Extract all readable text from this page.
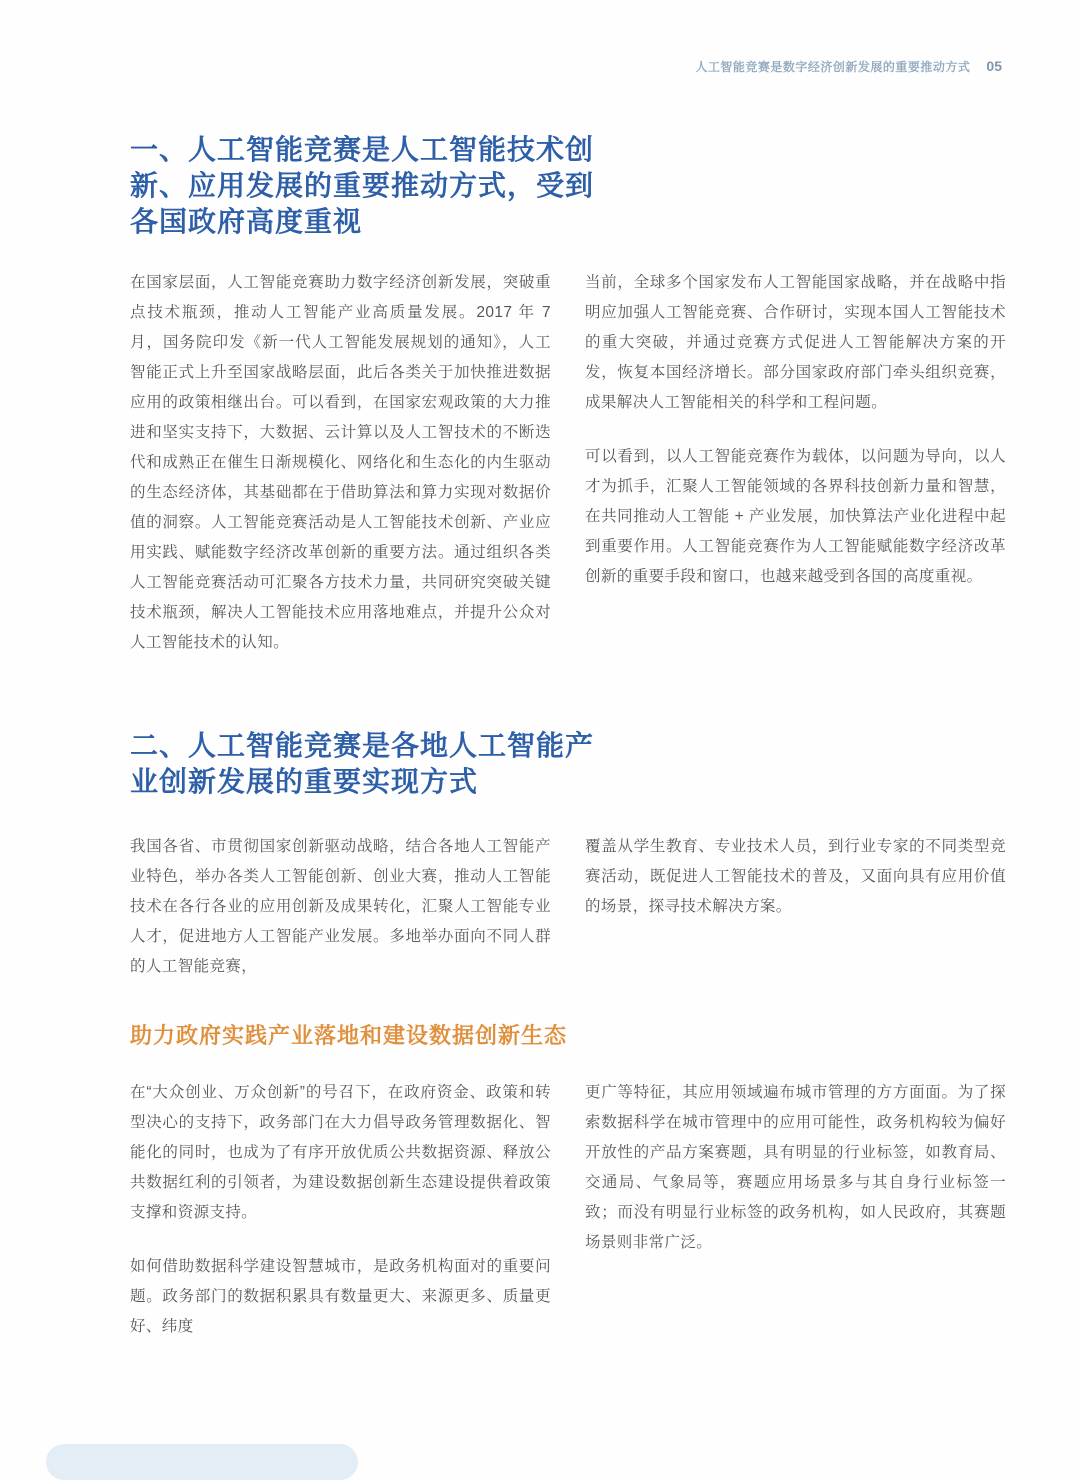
人工智能竞赛是数字经济创新发展的重要推动方式 05
一、人工智能竞赛是人工智能技术创新、应用发展的重要推动方式，受到各国政府高度重视

在国家层面，人工智能竞赛助力数字经济创新发展，突破重点技术瓶颈，推动人工智能产业高质量发展。2017 年 7 月，国务院印发《新一代人工智能发展规划的通知》，人工智能正式上升至国家战略层面，此后各类关于加快推进数据应用的政策相继出台。可以看到，在国家宏观政策的大力推进和坚实支持下，大数据、云计算以及人工智技术的不断迭代和成熟正在催生日渐规模化、网络化和生态化的内生驱动的生态经济体，其基础都在于借助算法和算力实现对数据价值的洞察。人工智能竞赛活动是人工智能技术创新、产业应用实践、赋能数字经济改革创新的重要方法。通过组织各类人工智能竞赛活动可汇聚各方技术力量，共同研究突破关键技术瓶颈，解决人工智能技术应用落地难点，并提升公众对人工智能技术的认知。

当前，全球多个国家发布人工智能国家战略，并在战略中指明应加强人工智能竞赛、合作研讨，实现本国人工智能技术的重大突破，并通过竞赛方式促进人工智能解决方案的开发，恢复本国经济增长。部分国家政府部门牵头组织竞赛，成果解决人工智能相关的科学和工程问题。

可以看到，以人工智能竞赛作为载体，以问题为导向，以人才为抓手，汇聚人工智能领域的各界科技创新力量和智慧，在共同推动人工智能 + 产业发展，加快算法产业化进程中起到重要作用。人工智能竞赛作为人工智能赋能数字经济改革创新的重要手段和窗口，也越来越受到各国的高度重视。

二、人工智能竞赛是各地人工智能产业创新发展的重要实现方式

我国各省、市贯彻国家创新驱动战略，结合各地人工智能产业特色，举办各类人工智能创新、创业大赛，推动人工智能技术在各行各业的应用创新及成果转化，汇聚人工智能专业人才，促进地方人工智能产业发展。多地举办面向不同人群的人工智能竞赛，

覆盖从学生教育、专业技术人员，到行业专家的不同类型竞赛活动，既促进人工智能技术的普及，又面向具有应用价值的场景，探寻技术解决方案。

助力政府实践产业落地和建设数据创新生态

在“大众创业、万众创新”的号召下，在政府资金、政策和转型决心的支持下，政务部门在大力倡导政务管理数据化、智能化的同时，也成为了有序开放优质公共数据资源、释放公共数据红利的引领者，为建设数据创新生态建设提供着政策支撑和资源支持。

如何借助数据科学建设智慧城市，是政务机构面对的重要问题。政务部门的数据积累具有数量更大、来源更多、质量更好、纬度

更广等特征，其应用领域遍布城市管理的方方面面。为了探索数据科学在城市管理中的应用可能性，政务机构较为偏好开放性的产品方案赛题，具有明显的行业标签，如教育局、交通局、气象局等，赛题应用场景多与其自身行业标签一致；而没有明显行业标签的政务机构，如人民政府，其赛题场景则非常广泛。
